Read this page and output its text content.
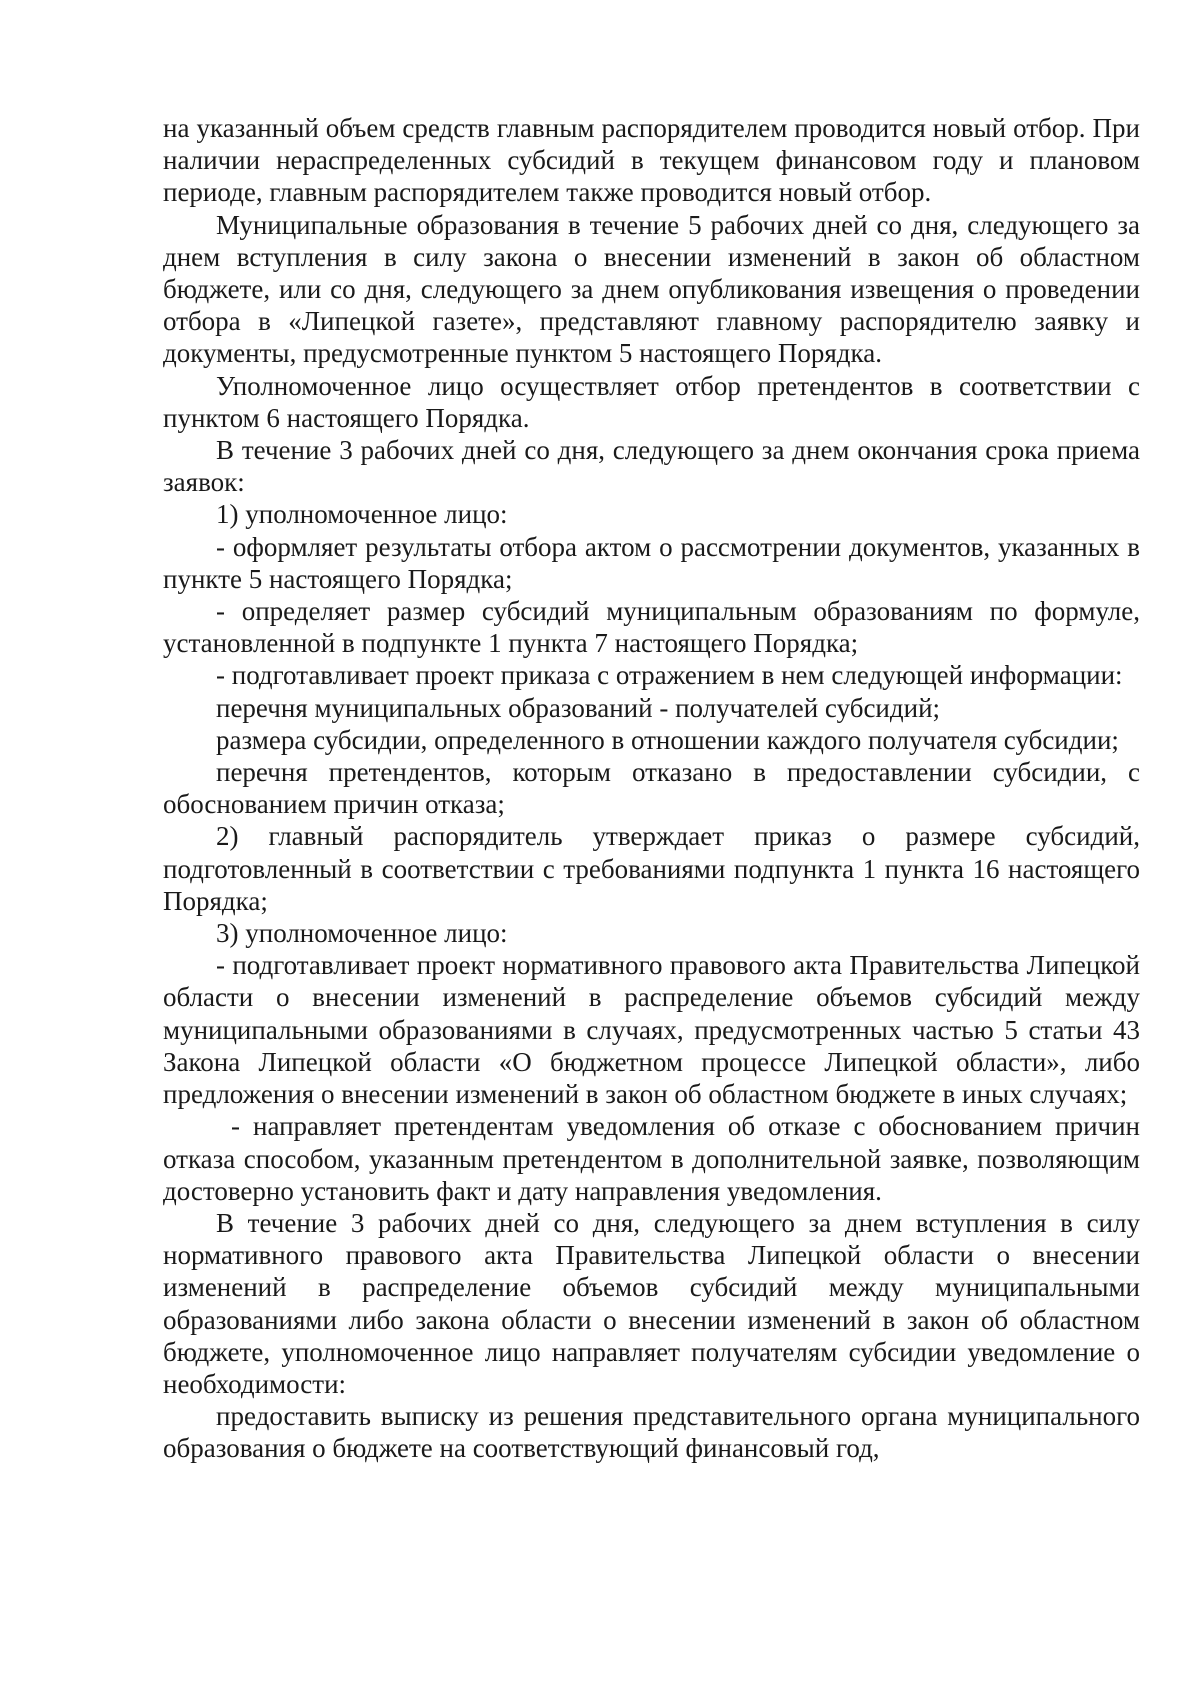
на указанный объем средств главным распорядителем проводится новый отбор. При наличии нераспределенных субсидий в текущем финансовом году и плановом периоде, главным распорядителем также проводится новый отбор.

Муниципальные образования в течение 5 рабочих дней со дня, следующего за днем вступления в силу закона о внесении изменений в закон об областном бюджете, или со дня, следующего за днем опубликования извещения о проведении отбора в «Липецкой газете», представляют главному распорядителю заявку и документы, предусмотренные пунктом 5 настоящего Порядка.

Уполномоченное лицо осуществляет отбор претендентов в соответствии с пунктом 6 настоящего Порядка.

В течение 3 рабочих дней со дня, следующего за днем окончания срока приема заявок:

1) уполномоченное лицо:

- оформляет результаты отбора актом о рассмотрении документов, указанных в пункте 5 настоящего Порядка;

- определяет размер субсидий муниципальным образованиям по формуле, установленной в подпункте 1 пункта 7 настоящего Порядка;

- подготавливает проект приказа с отражением в нем следующей информации:

перечня муниципальных образований - получателей субсидий;

размера субсидии, определенного в отношении каждого получателя субсидии;

перечня претендентов, которым отказано в предоставлении субсидии, с обоснованием причин отказа;

2) главный распорядитель утверждает приказ о размере субсидий, подготовленный в соответствии с требованиями подпункта 1 пункта 16 настоящего Порядка;

3) уполномоченное лицо:

- подготавливает проект нормативного правового акта Правительства Липецкой области о внесении изменений в распределение объемов субсидий между муниципальными образованиями в случаях, предусмотренных частью 5 статьи 43 Закона Липецкой области «О бюджетном процессе Липецкой области», либо предложения о внесении изменений в закон об областном бюджете в иных случаях;

- направляет претендентам уведомления об отказе с обоснованием причин отказа способом, указанным претендентом в дополнительной заявке, позволяющим достоверно установить факт и дату направления уведомления.

В течение 3 рабочих дней со дня, следующего за днем вступления в силу нормативного правового акта Правительства Липецкой области о внесении изменений в распределение объемов субсидий между муниципальными образованиями либо закона области о внесении изменений в закон об областном бюджете, уполномоченное лицо направляет получателям субсидии уведомление о необходимости:

предоставить выписку из решения представительного органа муниципального образования о бюджете на соответствующий финансовый год,
